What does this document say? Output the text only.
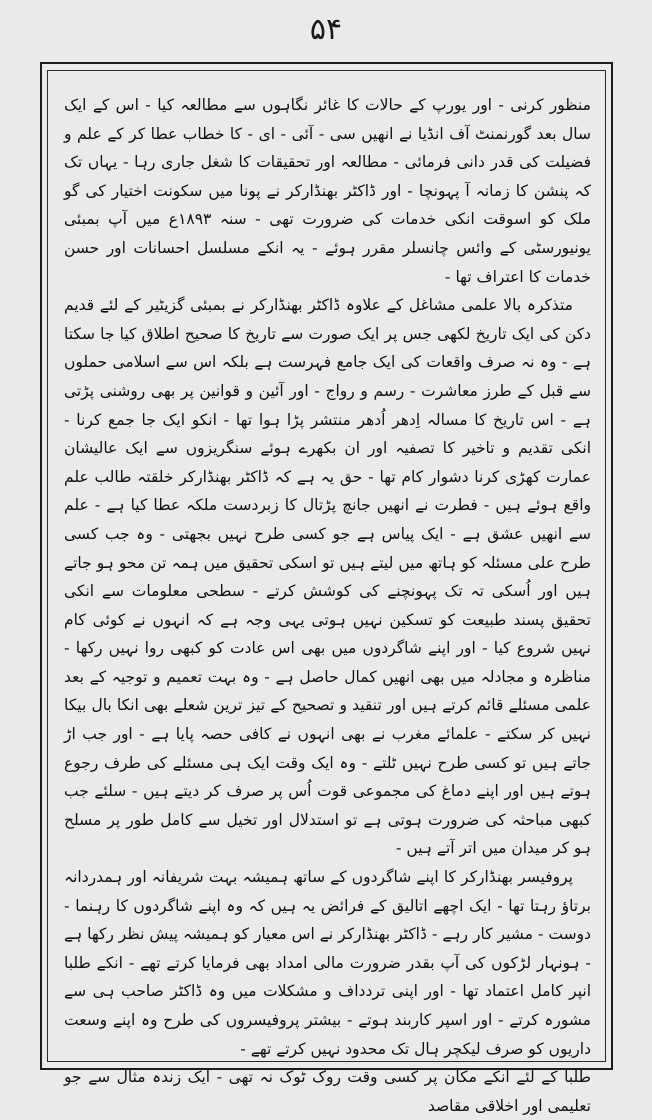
۵۴

منظور کرنی - اور یورپ کے حالات کا غائر نگاہوں سے مطالعہ کیا - اس کے ایک سال بعد گورنمنٹ آف انڈیا نے انھیں سی - آئی - ای - کا خطاب عطا کر کے علم و فضیلت کی قدر دانی فرمائی - مطالعہ اور تحقیقات کا شغل جاری رہا - یہاں تک کہ پنشن کا زمانہ آ پہونچا - اور ڈاکٹر بھنڈارکر نے پونا میں سکونت اختیار کی گو ملک کو اسوقت انکی خدمات کی ضرورت تھی - سنہ ۱۸۹۳ع میں آپ بمبئی یونیورسٹی کے وائس چانسلر مقرر ہوئے - یہ انکے مسلسل احسانات اور حسن خدمات کا اعتراف تھا -

متذکرہ بالا علمی مشاغل کے علاوہ ڈاکٹر بھنڈارکر نے بمبئی گزیٹیر کے لئے قدیم دکن کی ایک تاریخ لکھی جس پر ایک صورت سے تاریخ کا صحیح اطلاق کیا جا سکتا ہے - وہ نہ صرف واقعات کی ایک جامع فہرست ہے بلکہ اس سے اسلامی حملوں سے قبل کے طرز معاشرت - رسم و رواج - اور آئین و قوانین پر بھی روشنی پڑتی ہے - اس تاریخ کا مسالہ اِدھر اُدھر منتشر پڑا ہوا تھا - انکو ایک جا جمع کرنا - انکی تقدیم و تاخیر کا تصفیہ اور ان بکھرے ہوئے سنگریزوں سے ایک عالیشان عمارت کھڑی کرنا دشوار کام تھا - حق یہ ہے کہ ڈاکٹر بھنڈارکر خلقتہ طالب علم واقع ہوئے ہیں - فطرت نے انھیں جانچ پڑتال کا زبردست ملکہ عطا کیا ہے - علم سے انھیں عشق ہے - ایک پیاس ہے جو کسی طرح نہیں بجھتی - وہ جب کسی طرح علی مسئلہ کو ہاتھ میں لیتے ہیں تو اسکی تحقیق میں ہمہ تن محو ہو جاتے ہیں اور اُسکی تہ تک پہونچنے کی کوشش کرتے - سطحی معلومات سے انکی تحقیق پسند طبیعت کو تسکین نہیں ہوتی یہی وجہ ہے کہ انہوں نے کوئی کام نہیں شروع کیا - اور اپنے شاگردوں میں بھی اس عادت کو کبھی روا نہیں رکھا - مناظرہ و مجادلہ میں بھی انھیں کمال حاصل ہے - وہ بہت تعمیم و توجیہ کے بعد علمی مسئلے قائم کرتے ہیں اور تنقید و تصحیح کے تیز ترین شعلے بھی انکا بال بیکا نہیں کر سکتے - علمائے مغرب نے بھی انہوں نے کافی حصہ پایا ہے - اور جب اڑ جاتے ہیں تو کسی طرح نہیں ٹلتے - وہ ایک وقت ایک ہی مسئلے کی طرف رجوع ہوتے ہیں اور اپنے دماغ کی مجموعی قوت اُس پر صرف کر دیتے ہیں - سلئے جب کبھی مباحثہ کی ضرورت ہوتی ہے تو استدلال اور تخیل سے کامل طور پر مسلح ہو کر میدان میں اتر آتے ہیں -

پروفیسر بھنڈارکر کا اپنے شاگردوں کے ساتھ ہمیشہ بہت شریفانہ اور ہمدردانہ برتاؤ رہتا تھا - ایک اچھے اتالیق کے فرائض یہ ہیں کہ وہ اپنے شاگردوں کا رہنما - دوست - مشیر کار رہے - ڈاکٹر بھنڈارکر نے اس معیار کو ہمیشہ پیش نظر رکھا ہے - ہونہار لڑکوں کی آپ بقدر ضرورت مالی امداد بھی فرمایا کرتے تھے - انکے طلبا انپر کامل اعتماد تھا - اور اپنی تردداف و مشکلات میں وہ ڈاکٹر صاحب ہی سے مشورہ کرتے - اور اسپر کاربند ہوتے - بیشتر پروفیسروں کی طرح وہ اپنے وسعت داریوں کو صرف لیکچر ہال تک محدود نہیں کرتے تھے -

طلبا کے لئے انکے مکان پر کسی وقت روک ٹوک نہ تھی - ایک زندہ مثال سے جو تعلیمی اور اخلاقی مقاصد
